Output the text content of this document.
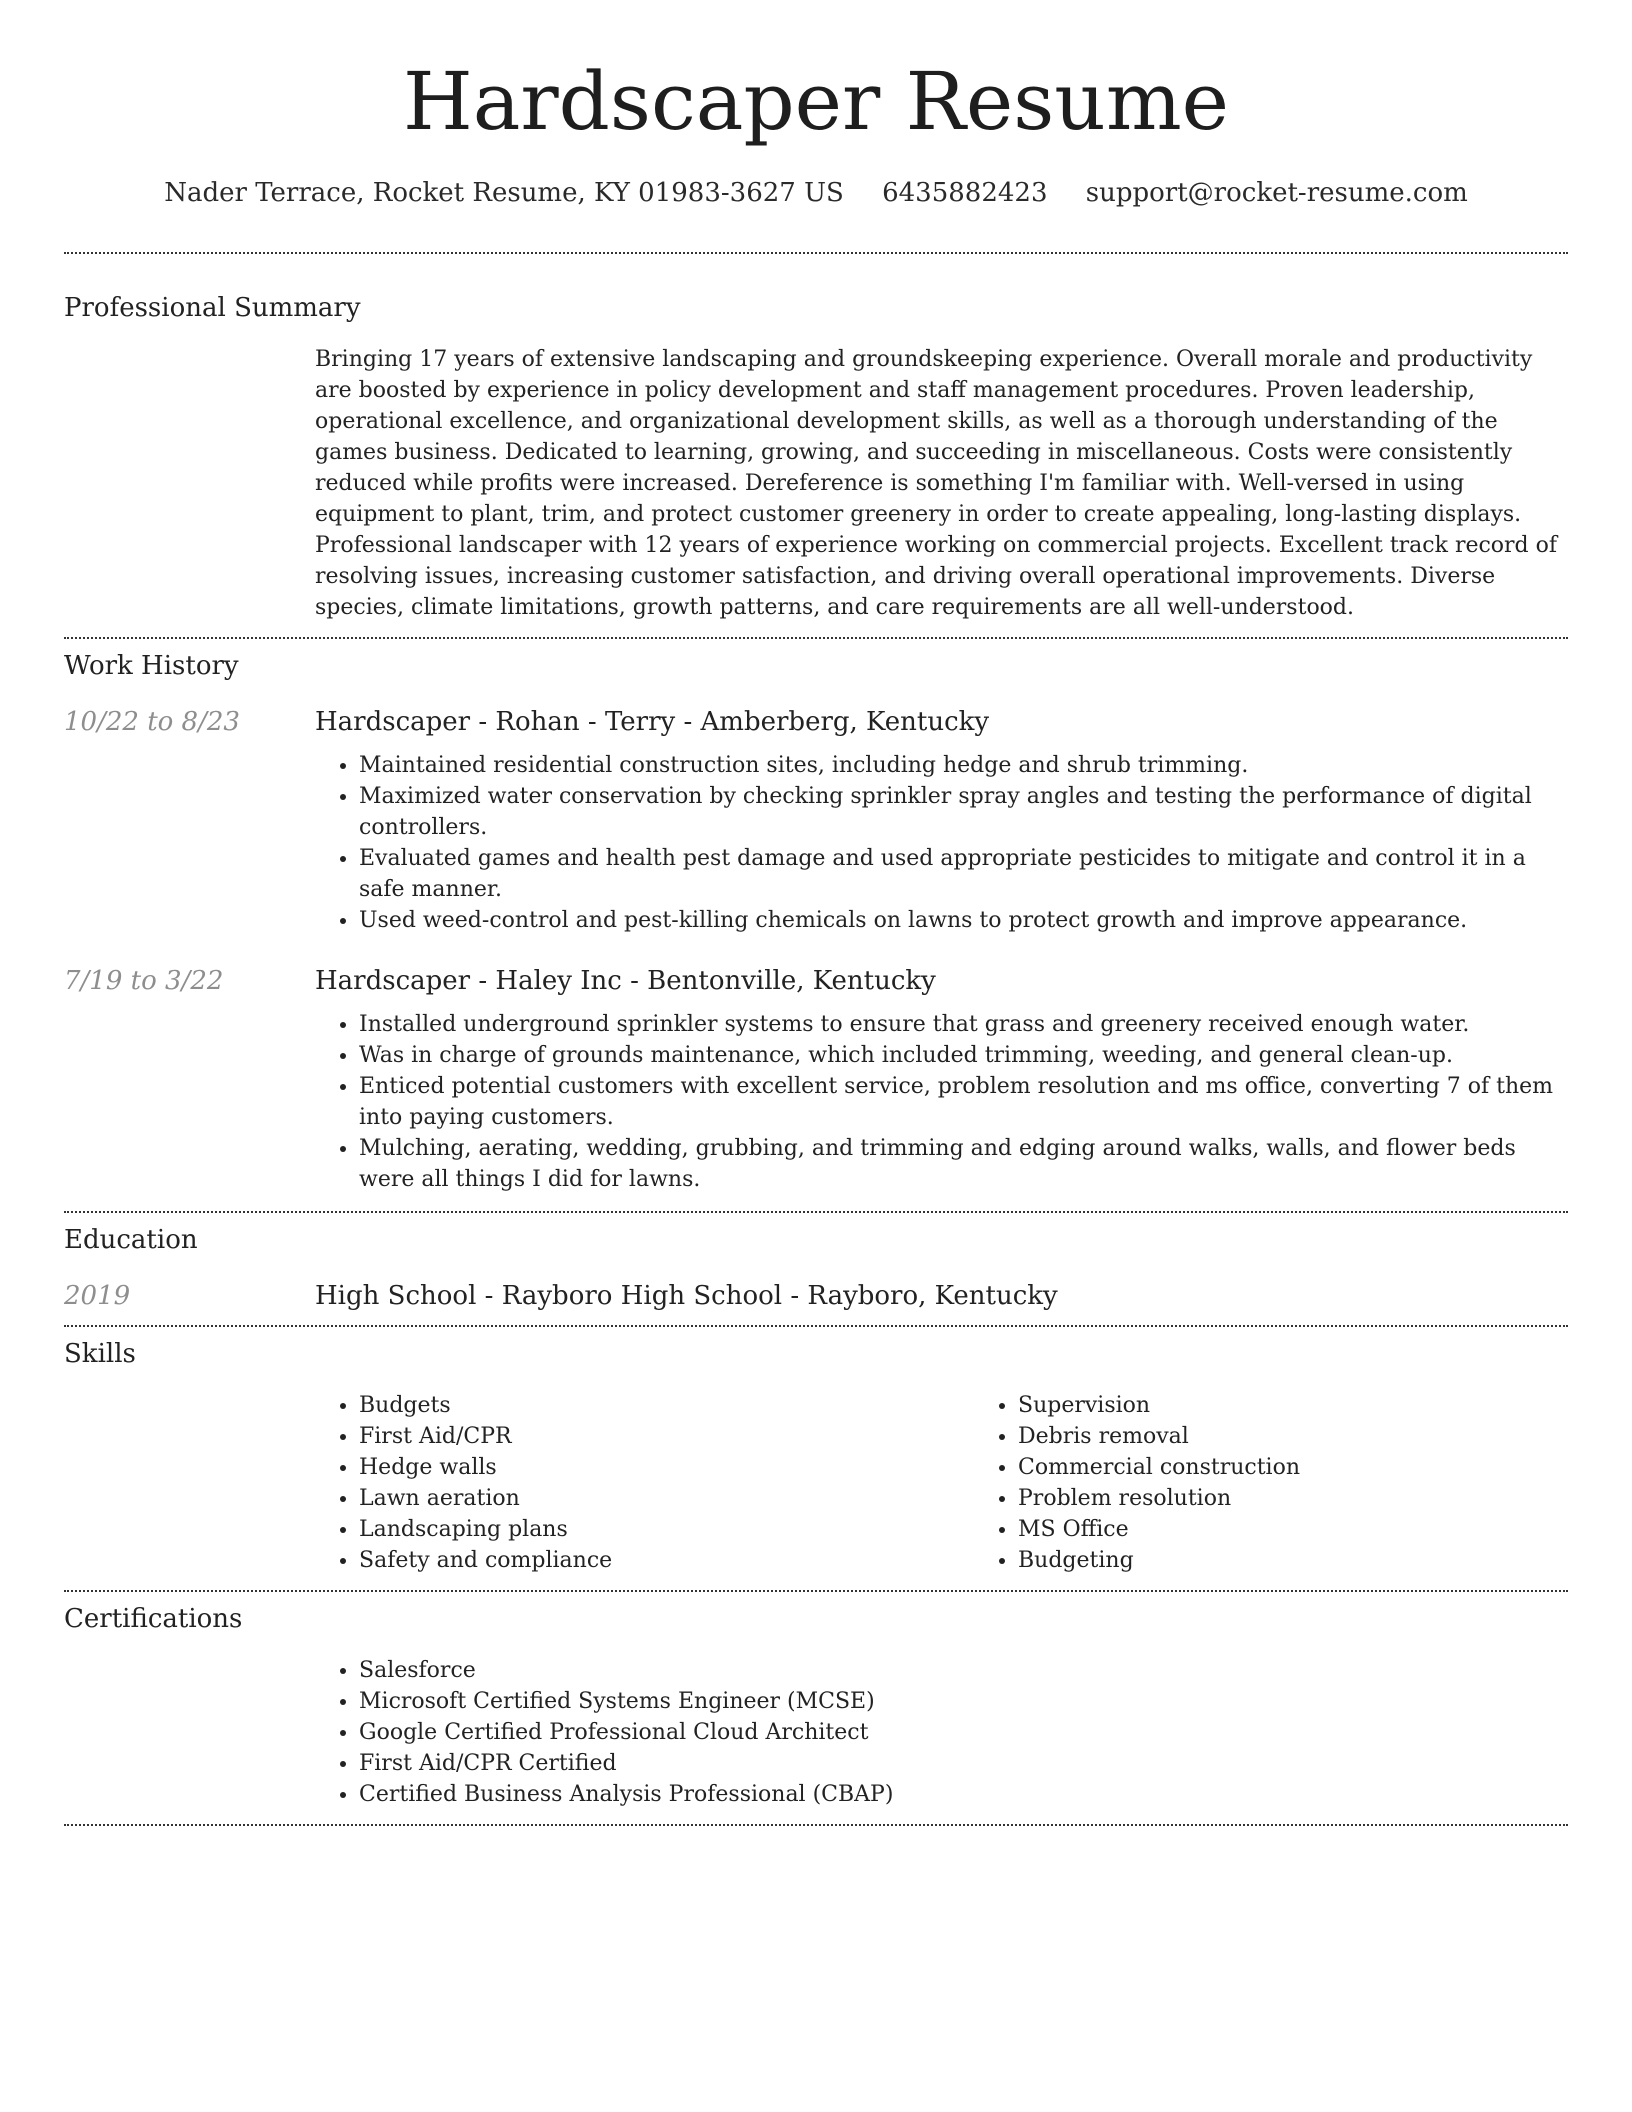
Hardscaper Resume
Nader Terrace, Rocket Resume, KY 01983-3627 US 6435882423 support@rocket-resume.com
Professional Summary

Bringing 17 years of extensive landscaping and groundskeeping experience. Overall morale and productivity are boosted by experience in policy development and staff management procedures. Proven leadership, operational excellence, and organizational development skills, as well as a thorough understanding of the games business. Dedicated to learning, growing, and succeeding in miscellaneous. Costs were consistently reduced while profits were increased. Dereference is something I'm familiar with. Well-versed in using equipment to plant, trim, and protect customer greenery in order to create appealing, long-lasting displays. Professional landscaper with 12 years of experience working on commercial projects. Excellent track record of resolving issues, increasing customer satisfaction, and driving overall operational improvements. Diverse species, climate limitations, growth patterns, and care requirements are all well-understood.

Work History
10/22 to 8/23	Hardscaper - Rohan - Terry - Amberberg, Kentucky
• Maintained residential construction sites, including hedge and shrub trimming.
• Maximized water conservation by checking sprinkler spray angles and testing the performance of digital controllers.
• Evaluated games and health pest damage and used appropriate pesticides to mitigate and control it in a safe manner.
• Used weed-control and pest-killing chemicals on lawns to protect growth and improve appearance.
7/19 to 3/22	Hardscaper - Haley Inc - Bentonville, Kentucky
• Installed underground sprinkler systems to ensure that grass and greenery received enough water.
• Was in charge of grounds maintenance, which included trimming, weeding, and general clean-up.
• Enticed potential customers with excellent service, problem resolution and ms office, converting 7 of them into paying customers.
• Mulching, aerating, wedding, grubbing, and trimming and edging around walks, walls, and flower beds were all things I did for lawns.
Education
2019	High School - Rayboro High School - Rayboro, Kentucky
Skills
• Budgets
• First Aid/CPR
• Hedge walls
• Lawn aeration
• Landscaping plans
• Safety and compliance
• Supervision
• Debris removal
• Commercial construction
• Problem resolution
• MS Office
• Budgeting
Certifications
• Salesforce
• Microsoft Certified Systems Engineer (MCSE)
• Google Certified Professional Cloud Architect
• First Aid/CPR Certified
• Certified Business Analysis Professional (CBAP)
